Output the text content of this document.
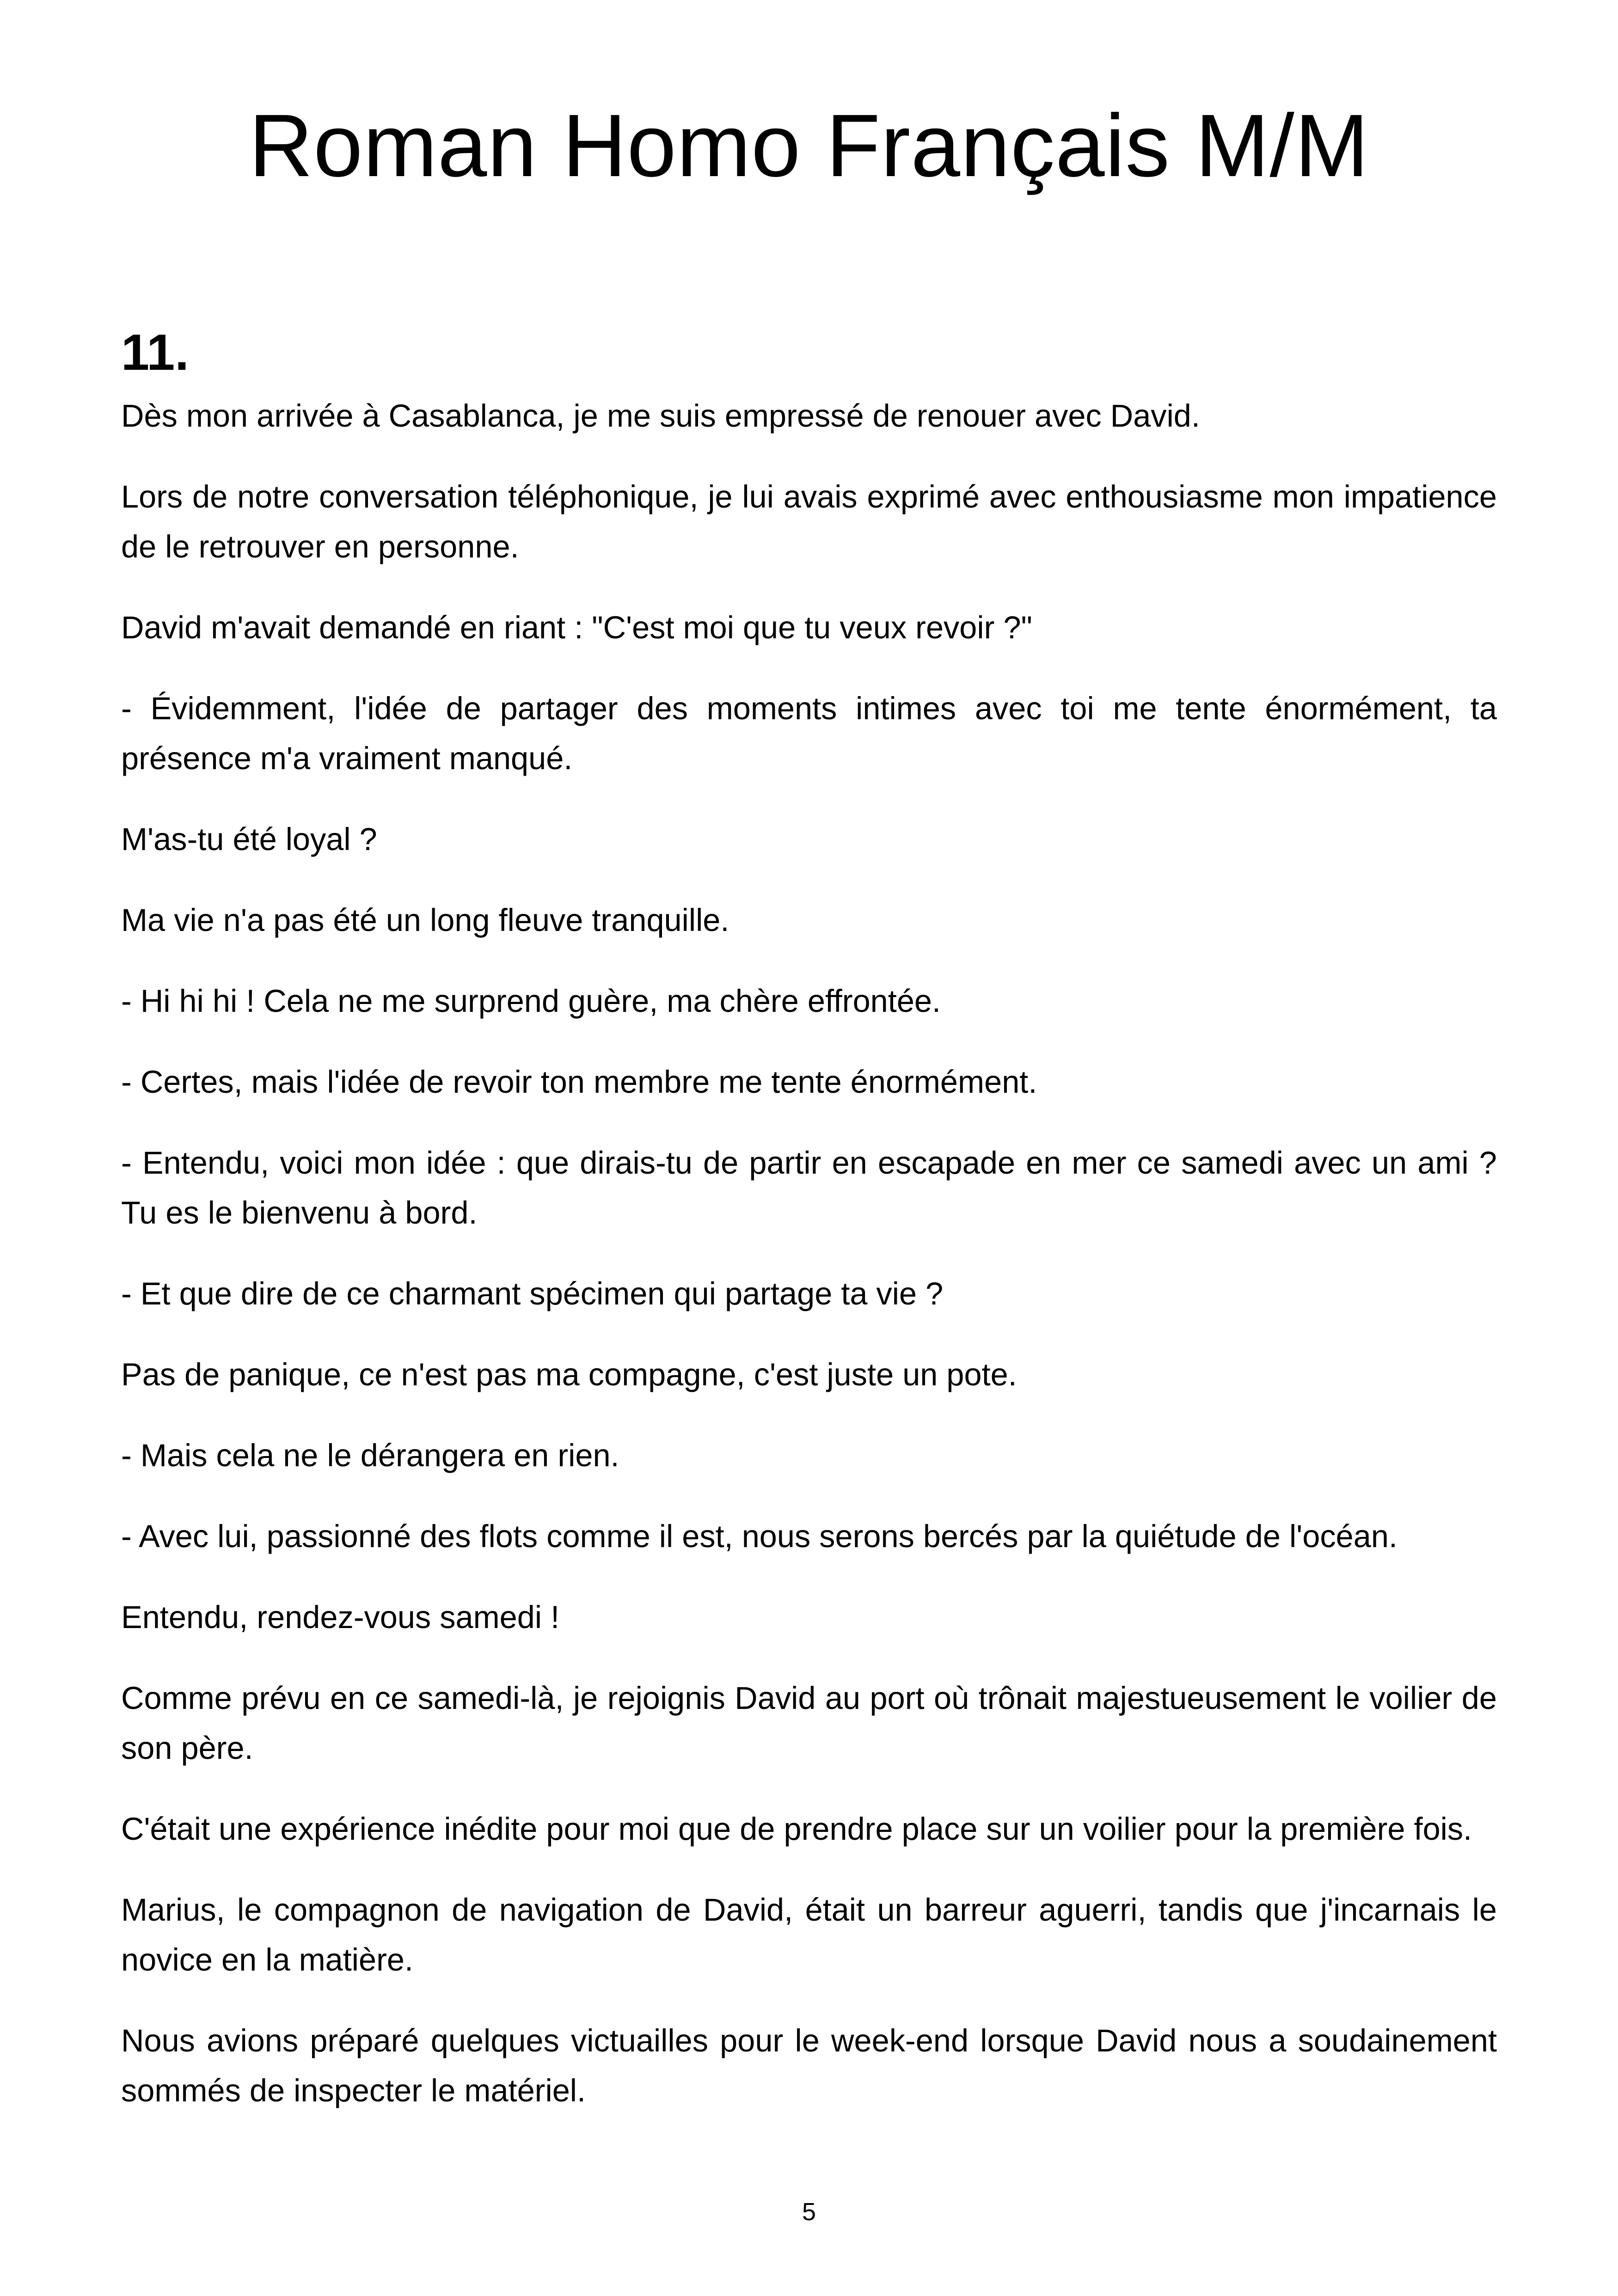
Roman Homo Français M/M
11.

Dès mon arrivée à Casablanca, je me suis empressé de renouer avec David.

Lors de notre conversation téléphonique, je lui avais exprimé avec enthousiasme mon impatience de le retrouver en personne.

David m'avait demandé en riant : "C'est moi que tu veux revoir ?"

- Évidemment, l'idée de partager des moments intimes avec toi me tente énormément, ta présence m'a vraiment manqué.

M'as-tu été loyal ?

Ma vie n'a pas été un long fleuve tranquille.

- Hi hi hi ! Cela ne me surprend guère, ma chère effrontée.

- Certes, mais l'idée de revoir ton membre me tente énormément.

- Entendu, voici mon idée : que dirais-tu de partir en escapade en mer ce samedi avec un ami ? Tu es le bienvenu à bord.

- Et que dire de ce charmant spécimen qui partage ta vie ?

Pas de panique, ce n'est pas ma compagne, c'est juste un pote.

- Mais cela ne le dérangera en rien.

- Avec lui, passionné des flots comme il est, nous serons bercés par la quiétude de l'océan.

Entendu, rendez-vous samedi !

Comme prévu en ce samedi-là, je rejoignis David au port où trônait majestueusement le voilier de son père.

C'était une expérience inédite pour moi que de prendre place sur un voilier pour la première fois.

Marius, le compagnon de navigation de David, était un barreur aguerri, tandis que j'incarnais le novice en la matière.

Nous avions préparé quelques victuailles pour le week-end lorsque David nous a soudainement sommés de inspecter le matériel.

5
